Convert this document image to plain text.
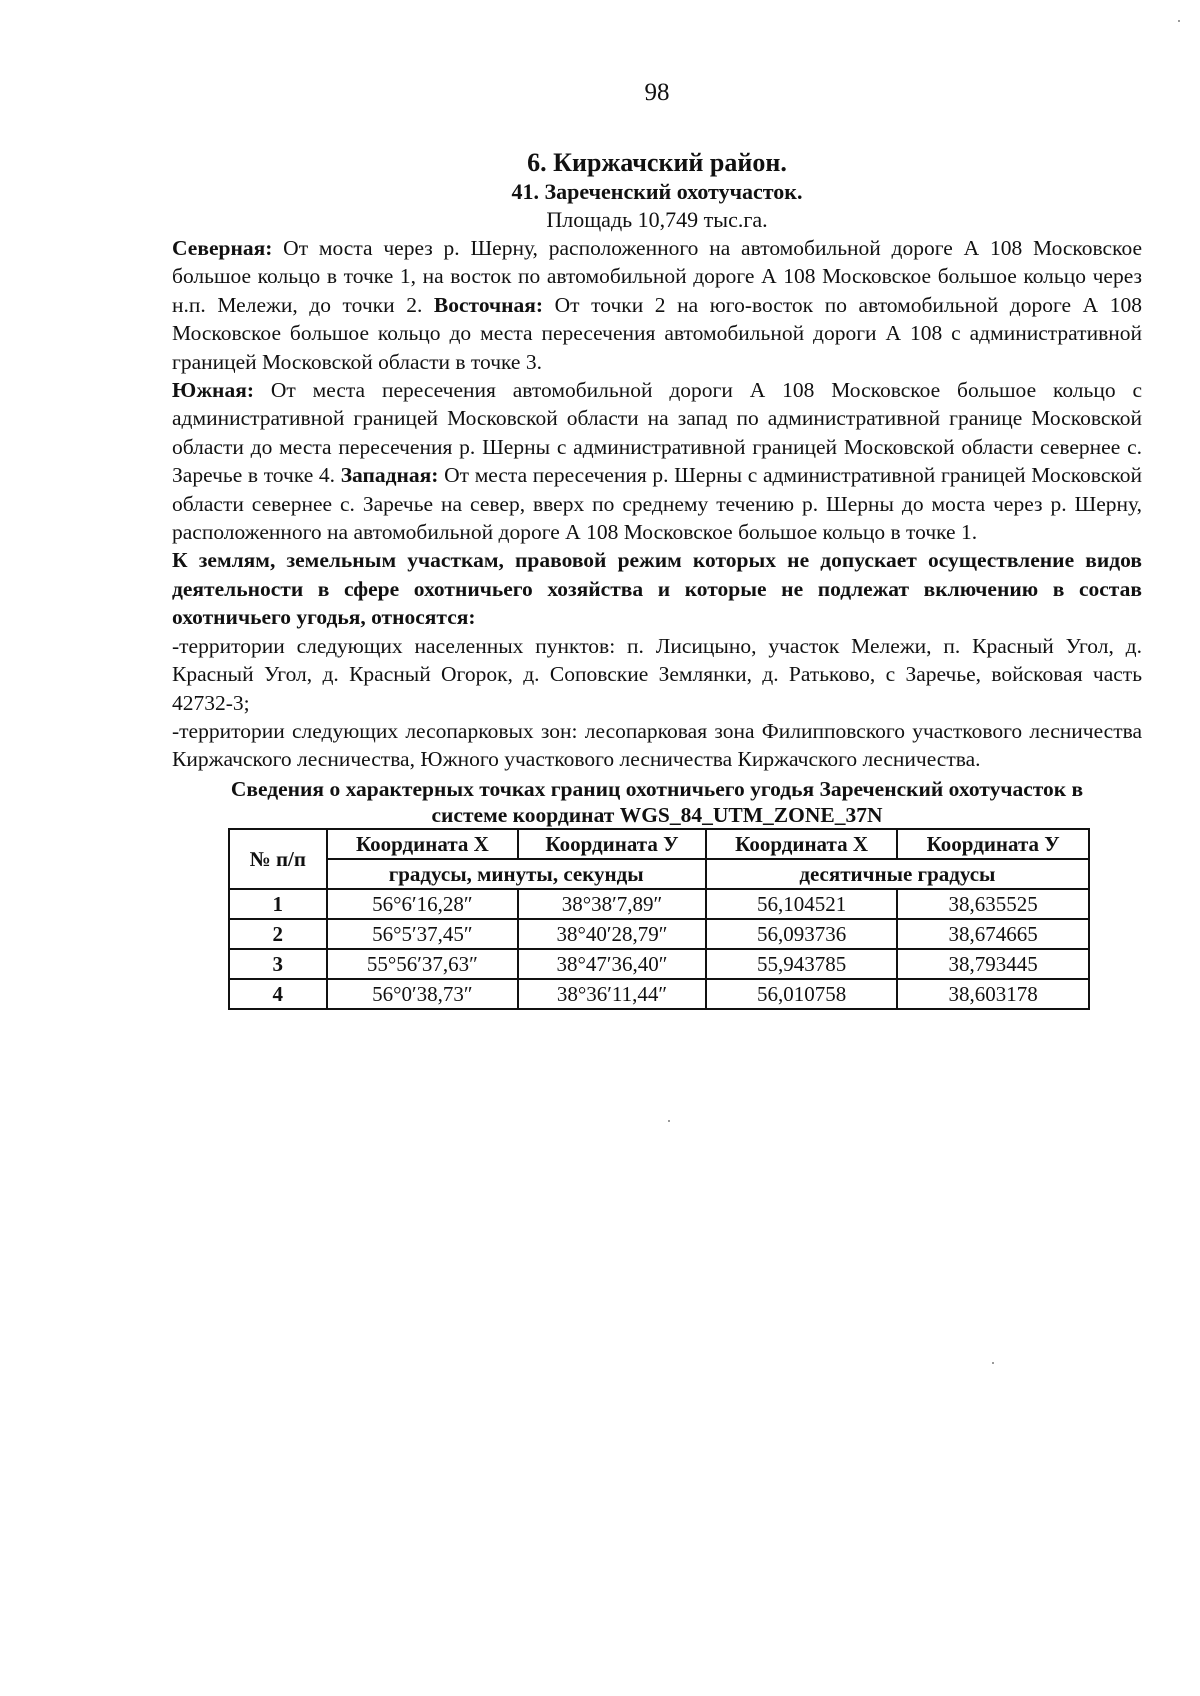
98
6. Киржачский район.
41. Зареченский охотучасток.
Площадь 10,749 тыс.га.

Северная: От моста через р. Шерну, расположенного на автомобильной дороге А 108 Московское большое кольцо в точке 1, на восток по автомобильной дороге А 108 Московское большое кольцо через н.п. Мележи, до точки 2. Восточная: От точки 2 на юго-восток по автомобильной дороге А 108 Московское большое кольцо до места пересечения автомобильной дороги А 108 с административной границей Московской области в точке 3.
Южная: От места пересечения автомобильной дороги А 108 Московское большое кольцо с административной границей Московской области на запад по административной границе Московской области до места пересечения р. Шерны с административной границей Московской области севернее с. Заречье в точке 4. Западная: От места пересечения р. Шерны с административной границей Московской области севернее с. Заречье на север, вверх по среднему течению р. Шерны до моста через р. Шерну, расположенного на автомобильной дороге А 108 Московское большое кольцо в точке 1.

К землям, земельным участкам, правовой режим которых не допускает осуществление видов деятельности в сфере охотничьего хозяйства и которые не подлежат включению в состав охотничьего угодья, относятся:

-территории следующих населенных пунктов: п. Лисицыно, участок Мележи, п. Красный Угол, д. Красный Угол, д. Красный Огорок, д. Соповские Землянки, д. Ратьково, с Заречье, войсковая часть 42732-3;

-территории следующих лесопарковых зон: лесопарковая зона Филипповского участкового лесничества Киржачского лесничества, Южного участкового лесничества Киржачского лесничества.

Сведения о характерных точках границ охотничьего угодья Зареченский охотучасток в
системе координат WGS_84_UTM_ZONE_37N
№ п/п	Координата X	Координата У	Координата X	Координата У
	градусы, минуты, секунды		десятичные градусы	
1	56°6′16,28″	38°38′7,89″	56,104521	38,635525
2	56°5′37,45″	38°40′28,79″	56,093736	38,674665
3	55°56′37,63″	38°47′36,40″	55,943785	38,793445
4	56°0′38,73″	38°36′11,44″	56,010758	38,603178
